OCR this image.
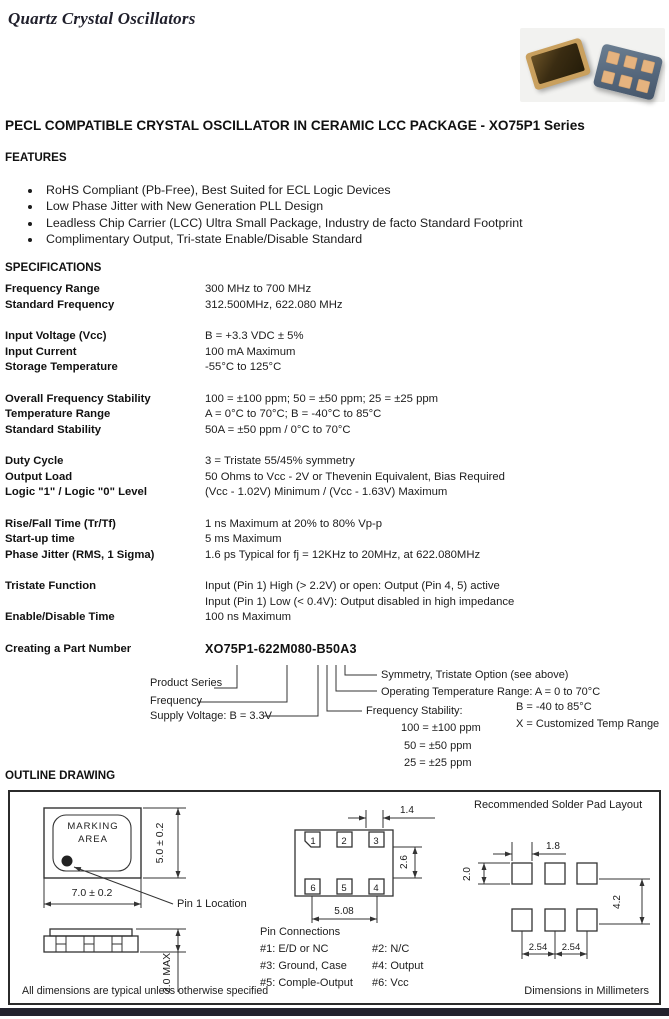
Quartz Crystal Oscillators
PECL COMPATIBLE CRYSTAL OSCILLATOR IN CERAMIC LCC PACKAGE - XO75P1 Series
FEATURES
• RoHS Compliant (Pb-Free), Best Suited for ECL Logic Devices
• Low Phase Jitter with New Generation PLL Design
• Leadless Chip Carrier (LCC) Ultra Small Package, Industry de facto Standard Footprint
• Complimentary Output, Tri-state Enable/Disable Standard
SPECIFICATIONS
Frequency Range	300 MHz to 700 MHz
Standard Frequency	312.500MHz, 622.080 MHz
Input Voltage (Vcc)	B = +3.3 VDC ± 5%
Input Current	100 mA Maximum
Storage Temperature	-55°C to 125°C
Overall Frequency Stability	100 = ±100 ppm; 50 = ±50 ppm; 25 = ±25 ppm
Temperature Range	A = 0°C to 70°C; B = -40°C to 85°C
Standard Stability	50A = ±50 ppm / 0°C to 70°C
Duty Cycle	3 = Tristate 55/45% symmetry
Output Load	50 Ohms to Vcc - 2V or Thevenin Equivalent, Bias Required
Logic "1" / Logic "0" Level	(Vcc - 1.02V) Minimum / (Vcc - 1.63V) Maximum
Rise/Fall Time (Tr/Tf)	1 ns Maximum at 20% to 80% Vp-p
Start-up time	5 ms Maximum
Phase Jitter (RMS, 1 Sigma)	1.6 ps Typical for fj = 12KHz to 20MHz, at 622.080MHz
Tristate Function	Input (Pin 1) High (> 2.2V) or open: Output (Pin 4, 5) active
Input (Pin 1) Low (< 0.4V): Output disabled in high impedance
Enable/Disable Time	100 ns Maximum
Creating a Part Number	XO75P1-622M080-B50A3
Product Series
Frequency
Supply Voltage: B = 3.3V
Symmetry, Tristate Option (see above)
Operating Temperature Range: A = 0 to 70°C
B = -40 to 85°C
Frequency Stability:
X = Customized Temp Range
100 = ±100 ppm
50 = ±50 ppm
25 = ±25 ppm
OUTLINE DRAWING
7.0 ± 0.2
5.0 ± 0.2
2.0 MAX
1	2	3
6	5	4
1.4
2.6
5.08
1.8
2.0
4.2
2.54 2.54
MARKING
AREA
Pin 1 Location
Recommended Solder Pad Layout
Pin Connections
#1: E/D or NC	#2: N/C
#3: Ground, Case	#4: Output
#5: Comple-Output	#6: Vcc
All dimensions are typical unless otherwise specified	Dimensions in Millimeters
